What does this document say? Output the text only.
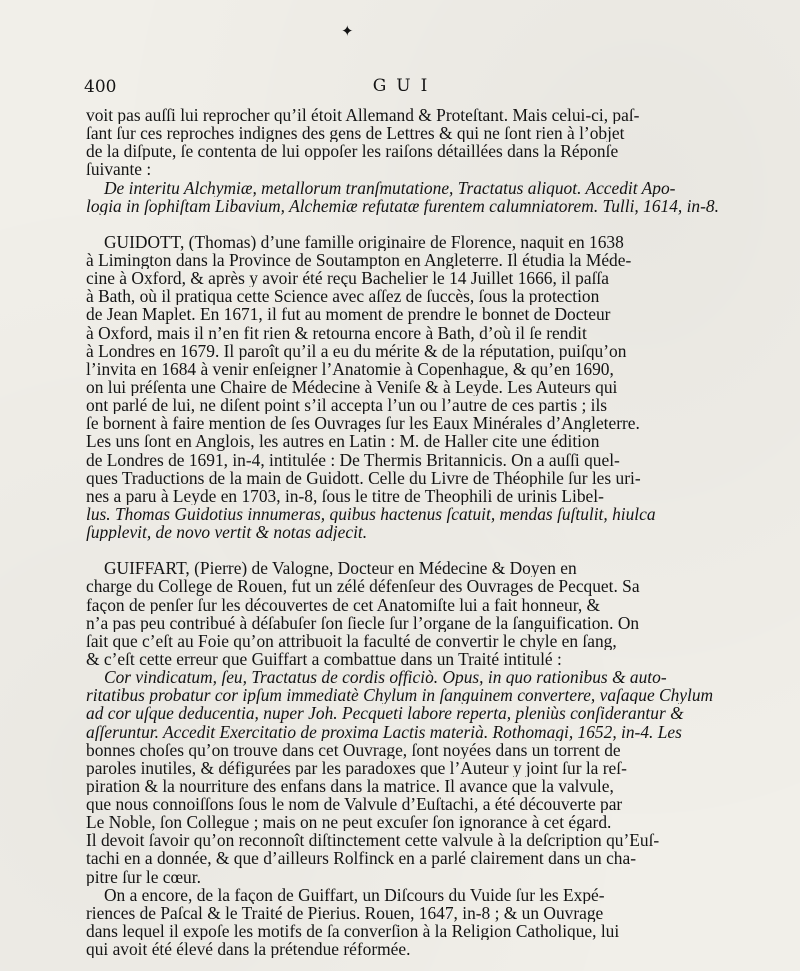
✦
400	GUI
voit pas auſſi lui reprocher qu’il étoit Allemand & Proteſtant. Mais celui-ci, paſ-
ſant ſur ces reproches indignes des gens de Lettres & qui ne ſont rien à l’objet
de la diſpute, ſe contenta de lui oppoſer les raiſons détaillées dans la Réponſe
ſuivante :
De interitu Alchymiæ, metallorum tranſmutatione, Tractatus aliquot. Accedit Apo-
logia in ſophiſtam Libavium, Alchemiæ refutatæ furentem calumniatorem. Tulli, 1614, in-8.
GUIDOTT, (Thomas) d’une famille originaire de Florence, naquit en 1638
à Limington dans la Province de Soutampton en Angleterre. Il étudia la Méde-
cine à Oxford, & après y avoir été reçu Bachelier le 14 Juillet 1666, il paſſa
à Bath, où il pratiqua cette Science avec aſſez de ſuccès, ſous la protection
de Jean Maplet. En 1671, il fut au moment de prendre le bonnet de Docteur
à Oxford, mais il n’en fit rien & retourna encore à Bath, d’où il ſe rendit
à Londres en 1679. Il paroît qu’il a eu du mérite & de la réputation, puiſqu’on
l’invita en 1684 à venir enſeigner l’Anatomie à Copenhague, & qu’en 1690,
on lui préſenta une Chaire de Médecine à Veniſe & à Leyde. Les Auteurs qui
ont parlé de lui, ne diſent point s’il accepta l’un ou l’autre de ces partis ; ils
ſe bornent à faire mention de ſes Ouvrages ſur les Eaux Minérales d’Angleterre.
Les uns ſont en Anglois, les autres en Latin : M. de Haller cite une édition
de Londres de 1691, in-4, intitulée : De Thermis Britannicis. On a auſſi quel-
ques Traductions de la main de Guidott. Celle du Livre de Théophile ſur les uri-
nes a paru à Leyde en 1703, in-8, ſous le titre de Theophili de urinis Libel-
lus. Thomas Guidotius innumeras, quibus hactenus ſcatuit, mendas ſuſtulit, hiulca
ſupplevit, de novo vertit & notas adjecit.
GUIFFART, (Pierre) de Valogne, Docteur en Médecine & Doyen en
charge du College de Rouen, fut un zélé défenſeur des Ouvrages de Pecquet. Sa
façon de penſer ſur les découvertes de cet Anatomiſte lui a fait honneur, &
n’a pas peu contribué à déſabuſer ſon ſiecle ſur l’organe de la ſanguification. On
ſait que c’eſt au Foie qu’on attribuoit la faculté de convertir le chyle en ſang,
& c’eſt cette erreur que Guiffart a combattue dans un Traité intitulé :
Cor vindicatum, ſeu, Tractatus de cordis officiò. Opus, in quo rationibus & auto-
ritatibus probatur cor ipſum immediatè Chylum in ſanguinem convertere, vaſaque Chylum
ad cor uſque deducentia, nuper Joh. Pecqueti labore reperta, pleniùs conſiderantur &
aſſeruntur. Accedit Exercitatio de proxima Lactis materià. Rothomagi, 1652, in-4. Les
bonnes choſes qu’on trouve dans cet Ouvrage, ſont noyées dans un torrent de
paroles inutiles, & défigurées par les paradoxes que l’Auteur y joint ſur la reſ-
piration & la nourriture des enfans dans la matrice. Il avance que la valvule,
que nous connoiſſons ſous le nom de Valvule d’Euſtachi, a été découverte par
Le Noble, ſon Collegue ; mais on ne peut excuſer ſon ignorance à cet égard.
Il devoit ſavoir qu’on reconnoît diſtinctement cette valvule à la deſcription qu’Euſ-
tachi en a donnée, & que d’ailleurs Rolfinck en a parlé clairement dans un cha-
pitre ſur le cœur.
On a encore, de la façon de Guiffart, un Diſcours du Vuide ſur les Expé-
riences de Paſcal & le Traité de Pierius. Rouen, 1647, in-8 ; & un Ouvrage
dans lequel il expoſe les motifs de ſa converſion à la Religion Catholique, lui
qui avoit été élevé dans la prétendue réformée.
